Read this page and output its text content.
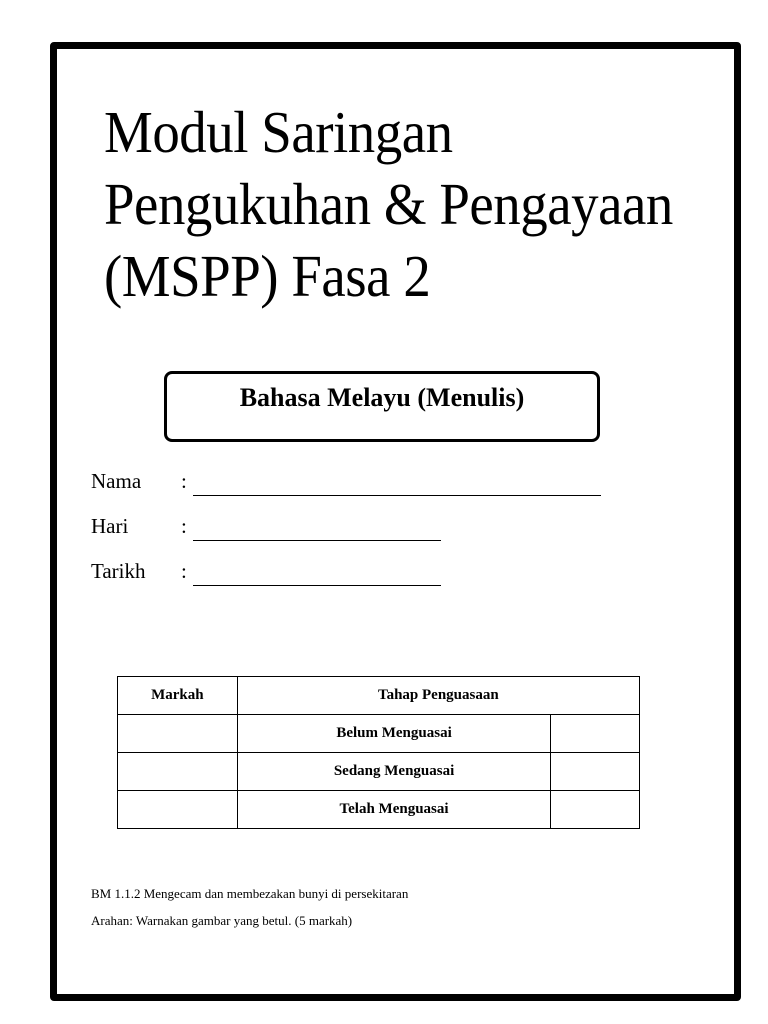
Modul Saringan
Pengukuhan & Pengayaan
(MSPP) Fasa 2
Bahasa Melayu (Menulis)
Nama :
Hari	:
Tarikh :
Markah	Tahap Penguasaan	
	Belum Menguasai	
	Sedang Menguasai	
	Telah Menguasai	
BM 1.1.2 Mengecam dan membezakan bunyi di persekitaran
Arahan: Warnakan gambar yang betul. (5 markah)
